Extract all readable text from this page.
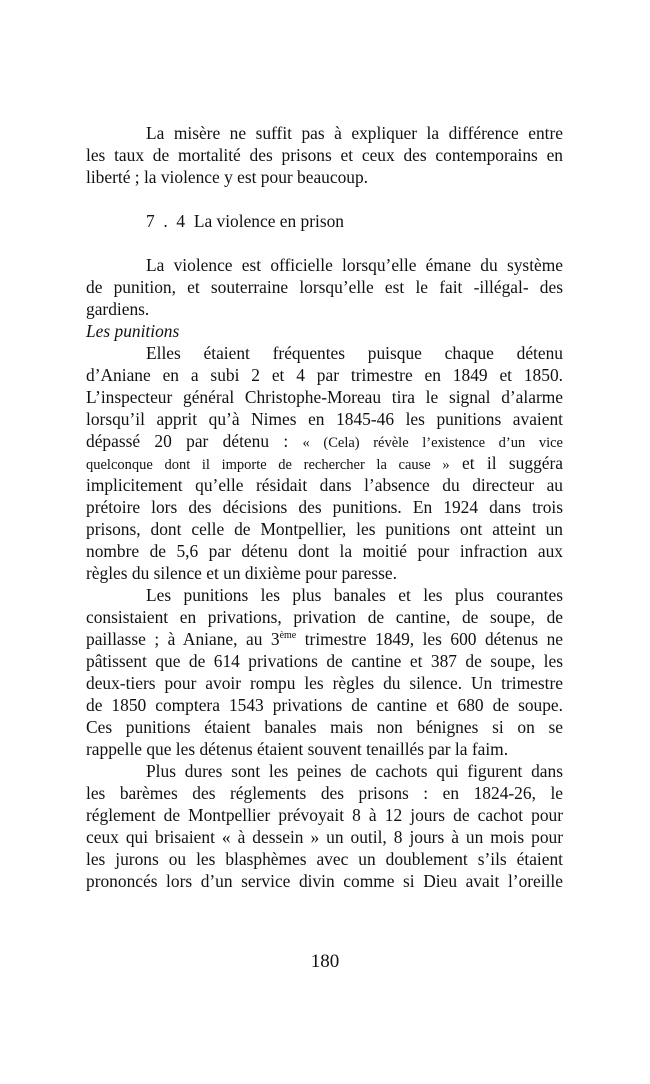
La misère ne suffit pas à expliquer la différence entre
les taux de mortalité des prisons et ceux des contemporains en
liberté ; la violence y est pour beaucoup.
7  .  4  La violence en prison
La violence est officielle lorsqu’elle émane du système
de punition, et souterraine lorsqu’elle est le fait -illégal- des
gardiens.
Les punitions
Elles étaient fréquentes puisque chaque détenu
d’Aniane en a subi 2 et 4 par trimestre en 1849 et 1850.
L’inspecteur général Christophe-Moreau tira le signal d’alarme
lorsqu’il apprit qu’à Nimes en 1845-46 les punitions avaient
dépassé 20 par détenu : « (Cela) révèle l’existence d’un vice
quelconque dont il importe de rechercher la cause » et il suggéra
implicitement qu’elle résidait dans l’absence du directeur au
prétoire lors des décisions des punitions. En 1924 dans trois
prisons, dont celle de Montpellier, les punitions ont atteint un
nombre de 5,6 par détenu dont la moitié pour infraction aux
règles du silence et un dixième pour paresse.
Les punitions les plus banales et les plus courantes
consistaient en privations, privation de cantine, de soupe, de
paillasse ; à Aniane, au 3ème trimestre 1849, les 600 détenus ne
pâtissent que de 614 privations de cantine et 387 de soupe, les
deux-tiers pour avoir rompu les règles du silence. Un trimestre
de 1850 comptera 1543 privations de cantine et 680 de soupe.
Ces punitions étaient banales mais non bénignes si on se
rappelle que les détenus étaient souvent tenaillés par la faim.
Plus dures sont les peines de cachots qui figurent dans
les barèmes des réglements des prisons : en 1824-26, le
réglement de Montpellier prévoyait 8 à 12 jours de cachot pour
ceux qui brisaient « à dessein » un outil, 8 jours à un mois pour
les jurons ou les blasphèmes avec un doublement s’ils étaient
prononcés lors d’un service divin comme si Dieu avait l’oreille
180
